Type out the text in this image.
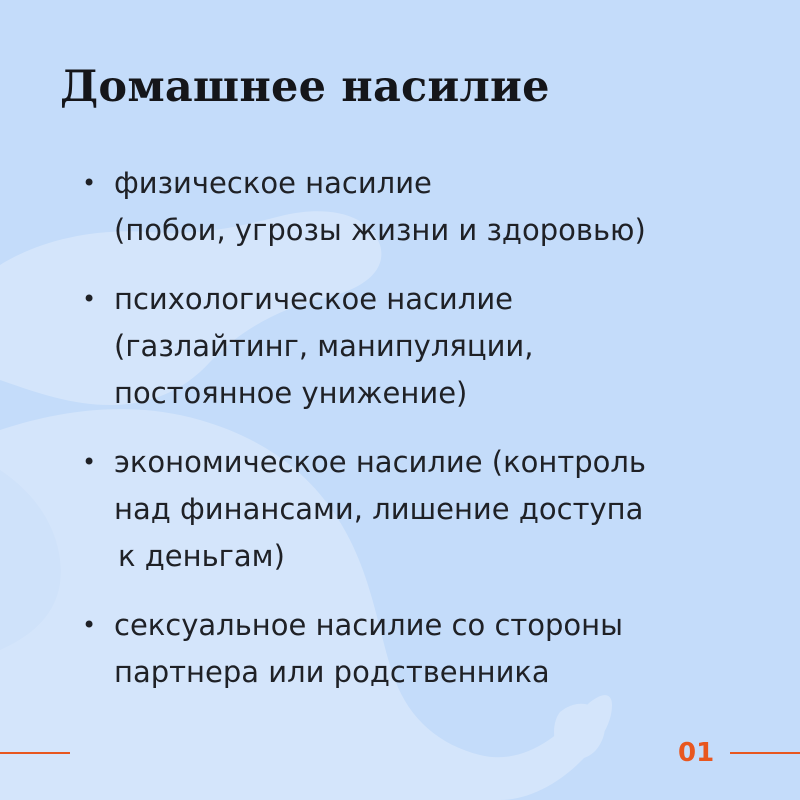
Домашнее насилие
• физическое насилие
(побои, угрозы жизни и здоровью)
• психологическое насилие
(газлайтинг, манипуляции,
постоянное унижение)
• экономическое насилие (контроль
над финансами, лишение доступа
к деньгам)
• сексуальное насилие со стороны
партнера или родственника
01
